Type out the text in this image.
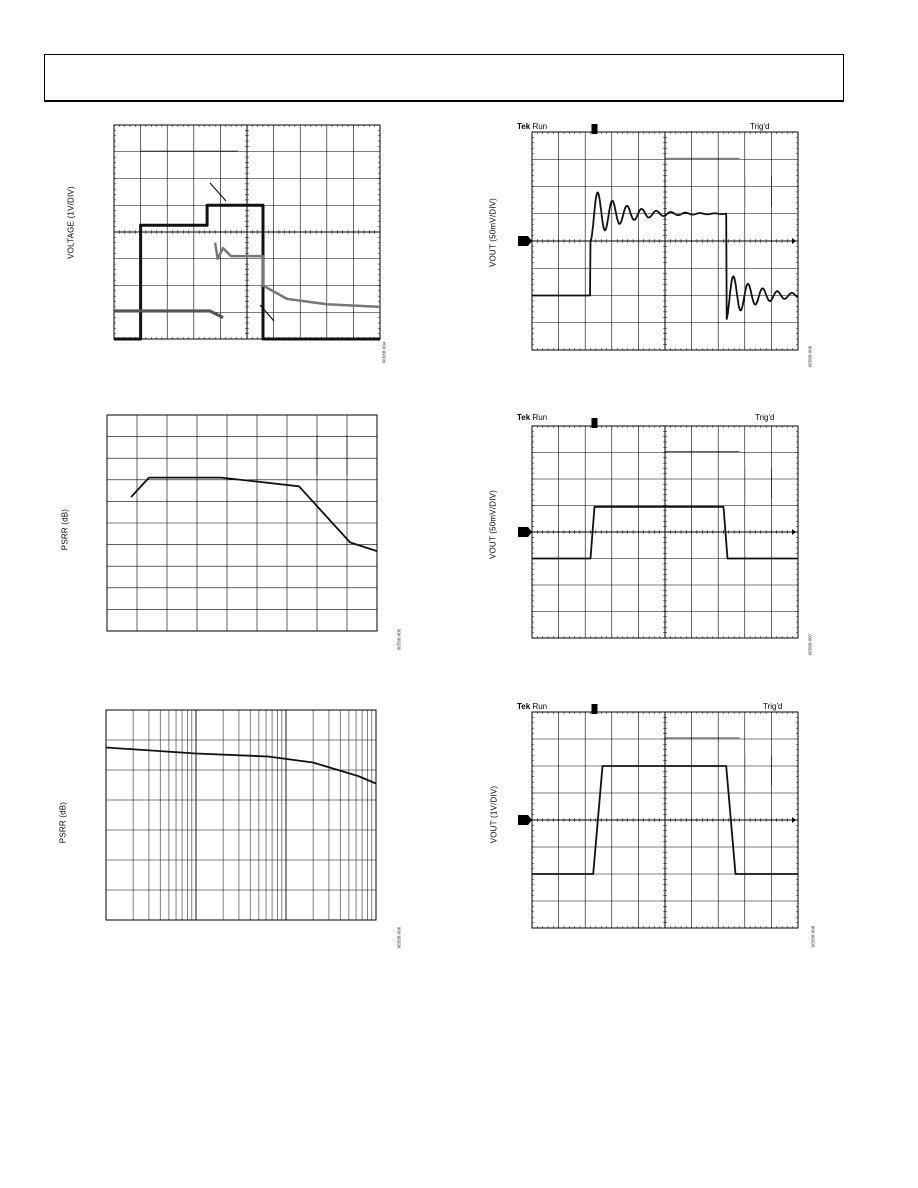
VOLTAGE (1V/DIV)
06588-004
PSRR (dB)
06588-005
PSRR (dB)
06588-006
Tek Run	Trig'd
VOUT (50mV/DIV)
06588-006
Tek Run	Trig'd
VOUT (50mV/DIV)
06588-007
Tek Run	Trig'd
VOUT (1V/DIV)
06588-008
